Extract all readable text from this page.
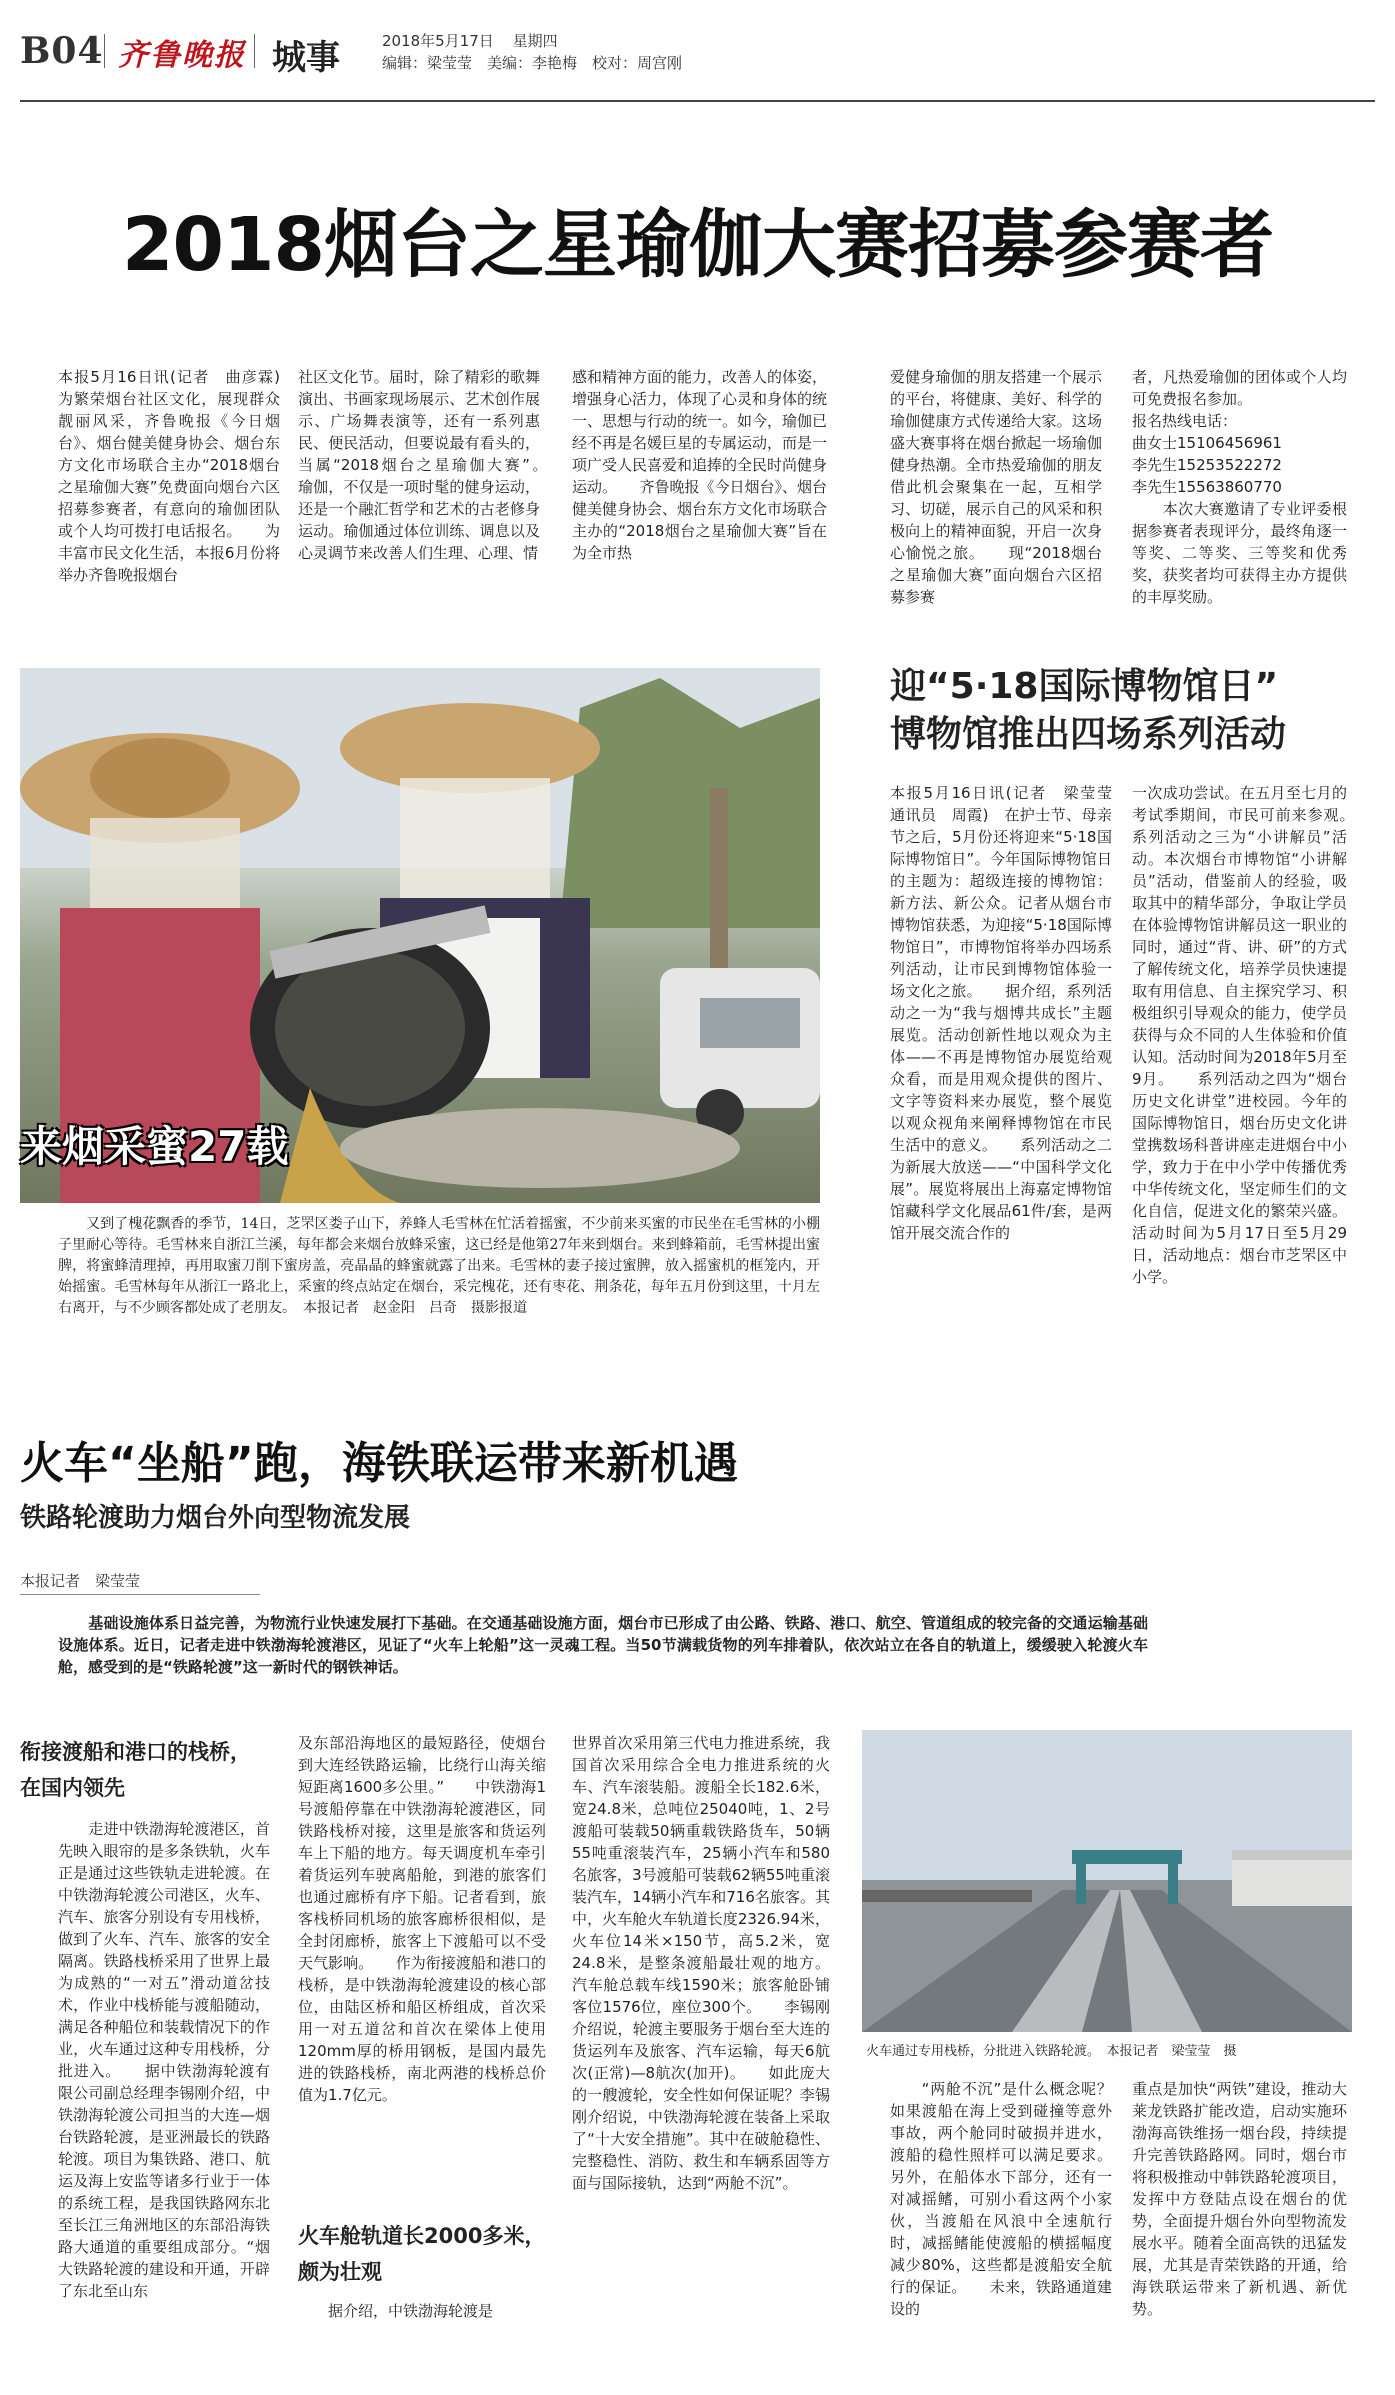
B04 齐鲁晚报 城事	2018年5月17日 星期四
编辑：梁莹莹　美编：李艳梅　校对：周宫刚
2018烟台之星瑜伽大赛招募参赛者

本报5月16日讯(记者　曲彦霖)　为繁荣烟台社区文化，展现群众靓丽风采，齐鲁晚报《今日烟台》、烟台健美健身协会、烟台东方文化市场联合主办“2018烟台之星瑜伽大赛”免费面向烟台六区招募参赛者，有意向的瑜伽团队或个人均可拨打电话报名。　　为丰富市民文化生活，本报6月份将举办齐鲁晚报烟台

社区文化节。届时，除了精彩的歌舞演出、书画家现场展示、艺术创作展示、广场舞表演等，还有一系列惠民、便民活动，但要说最有看头的，当属“2018烟台之星瑜伽大赛”。　　瑜伽，不仅是一项时髦的健身运动，还是一个融汇哲学和艺术的古老修身运动。瑜伽通过体位训练、调息以及心灵调节来改善人们生理、心理、情

感和精神方面的能力，改善人的体姿，增强身心活力，体现了心灵和身体的统一、思想与行动的统一。如今，瑜伽已经不再是名媛巨星的专属运动，而是一项广受人民喜爱和追捧的全民时尚健身运动。　　齐鲁晚报《今日烟台》、烟台健美健身协会、烟台东方文化市场联合主办的“2018烟台之星瑜伽大赛”旨在为全市热

爱健身瑜伽的朋友搭建一个展示的平台，将健康、美好、科学的瑜伽健康方式传递给大家。这场盛大赛事将在烟台掀起一场瑜伽健身热潮。全市热爱瑜伽的朋友借此机会聚集在一起，互相学习、切磋，展示自己的风采和积极向上的精神面貌，开启一次身心愉悦之旅。　　现“2018烟台之星瑜伽大赛”面向烟台六区招募参赛

者，凡热爱瑜伽的团体或个人均可免费报名参加。

报名热线电话：

曲女士15106456961

李先生15253522272

李先生15563860770

　　本次大赛邀请了专业评委根据参赛者表现评分，最终角逐一等奖、二等奖、三等奖和优秀奖，获奖者均可获得主办方提供的丰厚奖励。

来烟采蜜27载

　　又到了槐花飘香的季节，14日，芝罘区娄子山下，养蜂人毛雪林在忙活着摇蜜，不少前来买蜜的市民坐在毛雪林的小棚子里耐心等待。毛雪林来自浙江兰溪，每年都会来烟台放蜂采蜜，这已经是他第27年来到烟台。来到蜂箱前，毛雪林提出蜜脾，将蜜蜂清理掉，再用取蜜刀削下蜜房盖，亮晶晶的蜂蜜就露了出来。毛雪林的妻子接过蜜脾，放入摇蜜机的框笼内，开始摇蜜。毛雪林每年从浙江一路北上，采蜜的终点站定在烟台，采完槐花，还有枣花、荆条花，每年五月份到这里，十月左右离开，与不少顾客都处成了老朋友。　本报记者　赵金阳　吕奇　摄影报道

迎“5·18国际博物馆日”
博物馆推出四场系列活动

本报5月16日讯(记者　梁莹莹　通讯员　周霞)　在护士节、母亲节之后，5月份还将迎来“5·18国际博物馆日”。今年国际博物馆日的主题为：超级连接的博物馆：新方法、新公众。记者从烟台市博物馆获悉，为迎接“5·18国际博物馆日”，市博物馆将举办四场系列活动，让市民到博物馆体验一场文化之旅。　　据介绍，系列活动之一为“我与烟博共成长”主题展览。活动创新性地以观众为主体——不再是博物馆办展览给观众看，而是用观众提供的图片、文字等资料来办展览，整个展览以观众视角来阐释博物馆在市民生活中的意义。　　系列活动之二为新展大放送——“中国科学文化展”。展览将展出上海嘉定博物馆馆藏科学文化展品61件/套，是两馆开展交流合作的

一次成功尝试。在五月至七月的考试季期间，市民可前来参观。　　系列活动之三为“小讲解员”活动。本次烟台市博物馆“小讲解员”活动，借鉴前人的经验，吸取其中的精华部分，争取让学员在体验博物馆讲解员这一职业的同时，通过“背、讲、研”的方式了解传统文化，培养学员快速提取有用信息、自主探究学习、积极组织引导观众的能力，使学员获得与众不同的人生体验和价值认知。活动时间为2018年5月至9月。　　系列活动之四为“烟台历史文化讲堂”进校园。今年的国际博物馆日，烟台历史文化讲堂携数场科普讲座走进烟台中小学，致力于在中小学中传播优秀中华传统文化，坚定师生们的文化自信，促进文化的繁荣兴盛。活动时间为5月17日至5月29日，活动地点：烟台市芝罘区中小学。

火车“坐船”跑，海铁联运带来新机遇
铁路轮渡助力烟台外向型物流发展
本报记者　梁莹莹

　　基础设施体系日益完善，为物流行业快速发展打下基础。在交通基础设施方面，烟台市已形成了由公路、铁路、港口、航空、管道组成的较完备的交通运输基础设施体系。近日，记者走进中铁渤海轮渡港区，见证了“火车上轮船”这一灵魂工程。当50节满载货物的列车排着队，依次站立在各自的轨道上，缓缓驶入轮渡火车舱，感受到的是“铁路轮渡”这一新时代的钢铁神话。

衔接渡船和港口的栈桥，在国内领先

　　走进中铁渤海轮渡港区，首先映入眼帘的是多条铁轨，火车正是通过这些铁轨走进轮渡。在中铁渤海轮渡公司港区，火车、汽车、旅客分别设有专用栈桥，做到了火车、汽车、旅客的安全隔离。铁路栈桥采用了世界上最为成熟的“一对五”滑动道岔技术，作业中栈桥能与渡船随动，满足各种船位和装载情况下的作业，火车通过这种专用栈桥，分批进入。　　据中铁渤海轮渡有限公司副总经理李锡刚介绍，中铁渤海轮渡公司担当的大连—烟台铁路轮渡，是亚洲最长的铁路轮渡。项目为集铁路、港口、航运及海上安监等诸多行业于一体的系统工程，是我国铁路网东北至长江三角洲地区的东部沿海铁路大通道的重要组成部分。“烟大铁路轮渡的建设和开通，开辟了东北至山东

及东部沿海地区的最短路径，使烟台到大连经铁路运输，比绕行山海关缩短距离1600多公里。”　　中铁渤海1号渡船停靠在中铁渤海轮渡港区，同铁路栈桥对接，这里是旅客和货运列车上下船的地方。每天调度机车牵引着货运列车驶离船舱，到港的旅客们也通过廊桥有序下船。记者看到，旅客栈桥同机场的旅客廊桥很相似，是全封闭廊桥，旅客上下渡船可以不受天气影响。　　作为衔接渡船和港口的栈桥，是中铁渤海轮渡建设的核心部位，由陆区桥和船区桥组成，首次采用一对五道岔和首次在梁体上使用120mm厚的桥用钢板，是国内最先进的铁路栈桥，南北两港的栈桥总价值为1.7亿元。

火车舱轨道长2000多米，颇为壮观

　　据介绍，中铁渤海轮渡是

世界首次采用第三代电力推进系统，我国首次采用综合全电力推进系统的火车、汽车滚装船。渡船全长182.6米，宽24.8米，总吨位25040吨，1、2号渡船可装载50辆重载铁路货车，50辆55吨重滚装汽车，25辆小汽车和580名旅客，3号渡船可装载62辆55吨重滚装汽车，14辆小汽车和716名旅客。其中，火车舱火车轨道长度2326.94米，火车位14米×150节，高5.2米，宽24.8米，是整条渡船最壮观的地方。汽车舱总载车线1590米；旅客舱卧铺客位1576位，座位300个。　　李锡刚介绍说，轮渡主要服务于烟台至大连的货运列车及旅客、汽车运输，每天6航次(正常)—8航次(加开)。　　如此庞大的一艘渡轮，安全性如何保证呢？李锡刚介绍说，中铁渤海轮渡在装备上采取了“十大安全措施”。其中在破舱稳性、完整稳性、消防、救生和车辆系固等方面与国际接轨，达到“两舱不沉”。

火车通过专用栈桥，分批进入铁路轮渡。　本报记者　梁莹莹　摄

　　“两舱不沉”是什么概念呢？如果渡船在海上受到碰撞等意外事故，两个舱同时破损并进水，渡船的稳性照样可以满足要求。另外，在船体水下部分，还有一对减摇鳍，可别小看这两个小家伙，当渡船在风浪中全速航行时，减摇鳍能使渡船的横摇幅度减少80%，这些都是渡船安全航行的保证。　　未来，铁路通道建设的

重点是加快“两铁”建设，推动大莱龙铁路扩能改造，启动实施环渤海高铁维扬一烟台段，持续提升完善铁路路网。同时，烟台市将积极推动中韩铁路轮渡项目，发挥中方登陆点设在烟台的优势，全面提升烟台外向型物流发展水平。随着全面高铁的迅猛发展，尤其是青荣铁路的开通，给海铁联运带来了新机遇、新优势。
